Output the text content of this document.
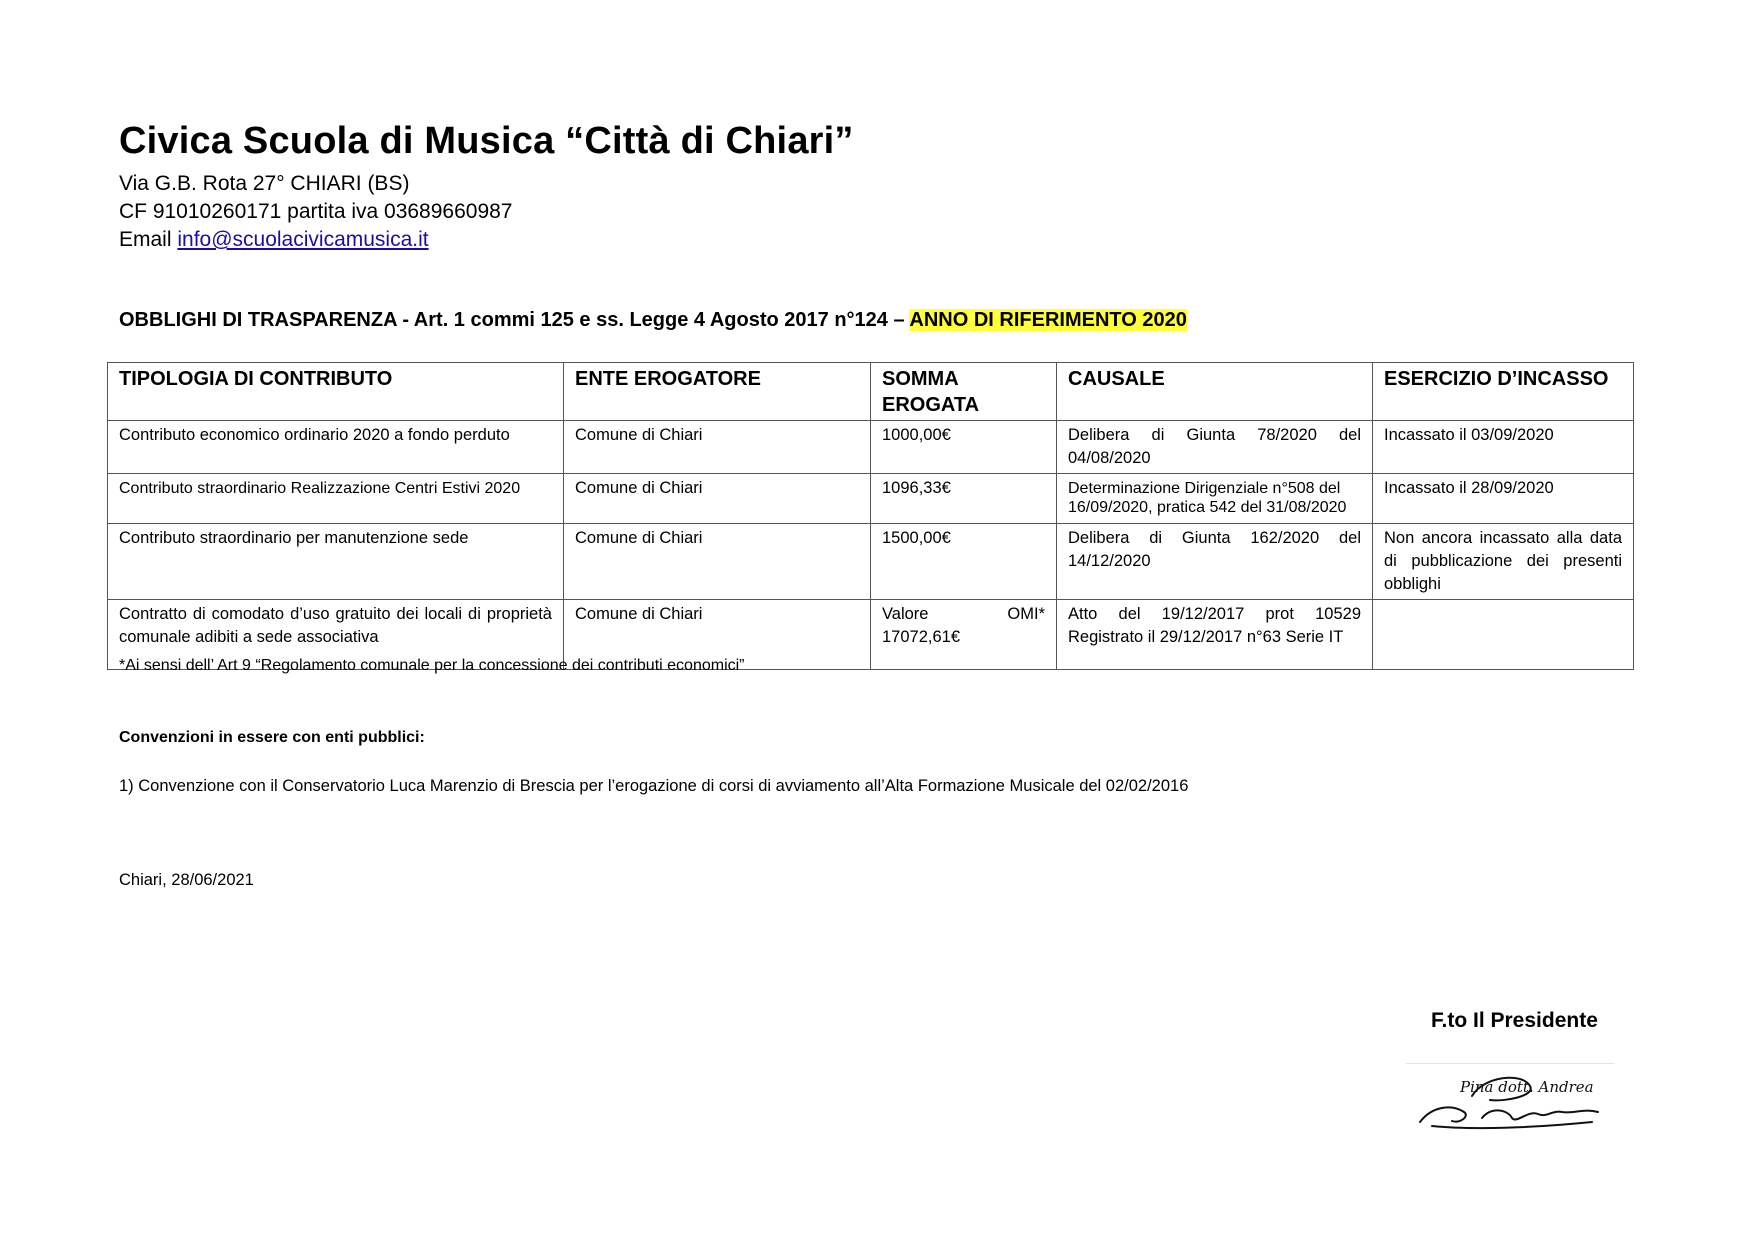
Civica Scuola di Musica “Città di Chiari”
Via G.B. Rota 27° CHIARI (BS)
CF 91010260171 partita iva 03689660987
Email info@scuolacivicamusica.it
OBBLIGHI DI TRASPARENZA - Art. 1 commi 125 e ss. Legge 4 Agosto 2017 n°124 – ANNO DI RIFERIMENTO 2020
TIPOLOGIA DI CONTRIBUTO	ENTE EROGATORE	SOMMA EROGATA	CAUSALE	ESERCIZIO D’INCASSO
Contributo economico ordinario 2020 a fondo perduto	Comune di Chiari	1000,00€	Delibera di Giunta 78/2020 del 04/08/2020	Incassato il 03/09/2020
Contributo straordinario Realizzazione Centri Estivi 2020	Comune di Chiari	1096,33€	Determinazione Dirigenziale n°508 del 16/09/2020, pratica 542 del 31/08/2020	Incassato il 28/09/2020
Contributo straordinario per manutenzione sede	Comune di Chiari	1500,00€	Delibera di Giunta 162/2020 del 14/12/2020	Non ancora incassato alla data di pubblicazione dei presenti obblighi
Contratto di comodato d’uso gratuito dei locali di proprietà comunale adibiti a sede associativa	Comune di Chiari	Valore OMI* 17072,61€	Atto del 19/12/2017 prot 10529 Registrato il 29/12/2017 n°63 Serie IT	
*Ai sensi dell’ Art 9 “Regolamento comunale per la concessione dei contributi economici”
Convenzioni in essere con enti pubblici:
1) Convenzione con il Conservatorio Luca Marenzio di Brescia per l’erogazione di corsi di avviamento all’Alta Formazione Musicale del 02/02/2016
Chiari, 28/06/2021
F.to Il Presidente
Pina dott. Andrea
